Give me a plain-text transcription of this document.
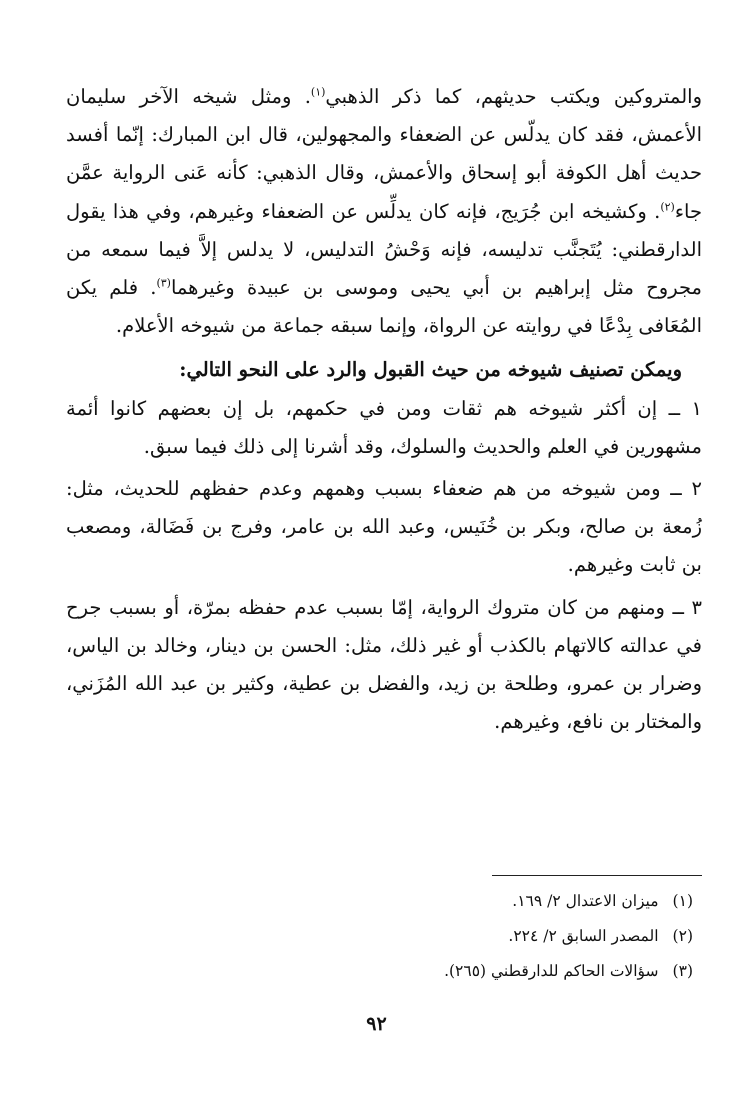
والمتروكين ويكتب حديثهم، كما ذكر الذهبي$^{(١)}$. ومثل شيخه الآخر سليمان الأعمش، فقد كان يدلّس عن الضعفاء والمجهولين، قال ابن المبارك: إنّما أفسد حديث أهل الكوفة أبو إسحاق والأعمش، وقال الذهبي: كأنه عَنى الرواية عمَّن جاء$^{(٢)}$. وكشيخه ابن جُرَيج، فإنه كان يدلِّس عن الضعفاء وغيرهم، وفي هذا يقول الدارقطني: يُتَجنَّب تدليسه، فإنه وَحْشُ التدليس، لا يدلس إلاَّ فيما سمعه من مجروح مثل إبراهيم بن أبي يحيى وموسى بن عبيدة وغيرهما$^{(٣)}$. فلم يكن المُعَافى بِدْعًا في روايته عن الرواة، وإنما سبقه جماعة من شيوخه الأعلام.

ويمكن تصنيف شيوخه من حيث القبول والرد على النحو التالي:

١ ــ إن أكثر شيوخه هم ثقات ومن في حكمهم، بل إن بعضهم كانوا أئمة مشهورين في العلم والحديث والسلوك، وقد أشرنا إلى ذلك فيما سبق.

٢ ــ ومن شيوخه من هم ضعفاء بسبب وهمهم وعدم حفظهم للحديث، مثل: زُمعة بن صالح، وبكر بن خُنَيس، وعبد الله بن عامر، وفرج بن فَضَالة، ومصعب بن ثابت وغيرهم.

٣ ــ ومنهم من كان متروك الرواية، إمّا بسبب عدم حفظه بمرّة، أو بسبب جرح في عدالته كالاتهام بالكذب أو غير ذلك، مثل: الحسن بن دينار، وخالد بن الياس، وضرار بن عمرو، وطلحة بن زيد، والفضل بن عطية، وكثير بن عبد الله المُزَني، والمختار بن نافع، وغيرهم.

(١)ميزان الاعتدال ٢/ ١٦٩.
(٢)المصدر السابق ٢/ ٢٢٤.
(٣)سؤالات الحاكم للدارقطني (٢٦٥).
٩٢
